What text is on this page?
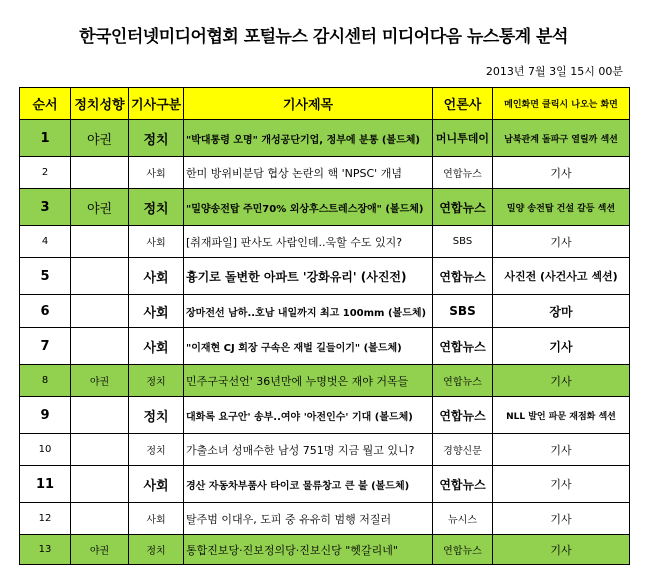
한국인터넷미디어협회 포털뉴스 감시센터 미디어다음 뉴스통계 분석
2013년 7월 3일 15시 00분
순서	정치성향	기사구분	기사제목	언론사	메인화면 클릭시 나오는 화면
1	야권	정치	"박대통령 오명" 개성공단기업, 정부에 분통 (볼드체)	머니투데이	남북관계 돌파구 열릴까 섹션
2		사회	한미 방위비분담 협상 논란의 핵 'NPSC' 개념	연합뉴스	기사
3	야권	정치	"밀양송전탑 주민70% 외상후스트레스장애" (볼드체)	연합뉴스	밀양 송전탑 건설 갈등 섹션
4		사회	[취재파일] 판사도 사람인데..욱할 수도 있지?	SBS	기사
5		사회	흉기로 돌변한 아파트 '강화유리' (사진전)	연합뉴스	사진전 (사건사고 섹션)
6		사회	장마전선 남하..호남 내일까지 최고 100mm (볼드체)	SBS	장마
7		사회	"이재현 CJ 회장 구속은 재벌 길들이기" (볼드체)	연합뉴스	기사
8	야권	정치	민주구국선언' 36년만에 누명벗은 재야 거목들	연합뉴스	기사
9		정치	대화록 요구안' 송부..여야 '아전인수' 기대 (볼드체)	연합뉴스	NLL 발언 파문 재점화 섹션
10		정치	가출소녀 성매수한 남성 751명 지금 뭘고 있니?	경향신문	기사
11		사회	경산 자동차부품사 타이코 물류창고 큰 불 (볼드체)	연합뉴스	기사
12		사회	탈주범 이대우, 도피 중 유유히 범행 저질러	뉴시스	기사
13	야권	정치	통합진보당·진보정의당·진보신당 "헷갈리네"	연합뉴스	기사
